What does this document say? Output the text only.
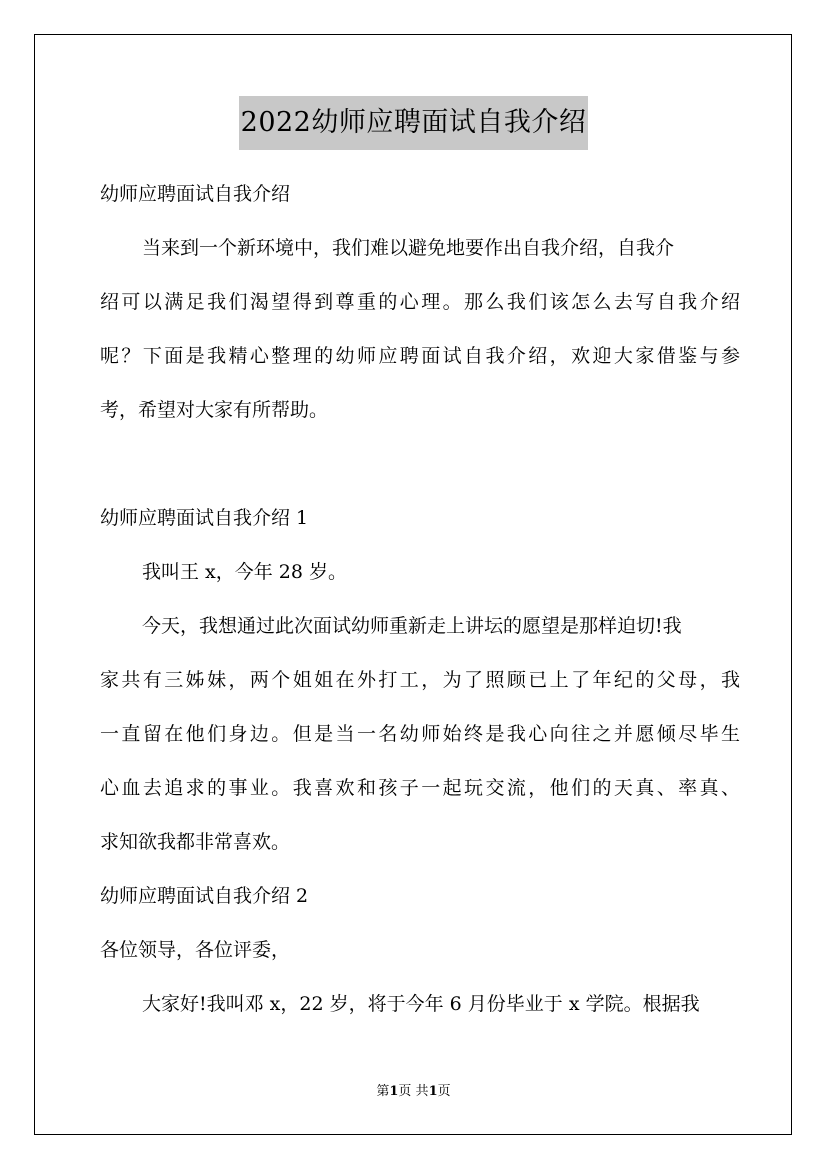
2022幼师应聘面试自我介绍
幼师应聘面试自我介绍
当来到一个新环境中，我们难以避免地要作出自我介绍，自我介
绍可以满足我们渴望得到尊重的心理。那么我们该怎么去写自我介绍
呢？下面是我精心整理的幼师应聘面试自我介绍，欢迎大家借鉴与参
考，希望对大家有所帮助。
幼师应聘面试自我介绍 1
我叫王 x，今年 28 岁。
今天，我想通过此次面试幼师重新走上讲坛的愿望是那样迫切!我
家共有三姊妹，两个姐姐在外打工，为了照顾已上了年纪的父母，我
一直留在他们身边。但是当一名幼师始终是我心向往之并愿倾尽毕生
心血去追求的事业。我喜欢和孩子一起玩交流，他们的天真、率真、
求知欲我都非常喜欢。
幼师应聘面试自我介绍 2
各位领导，各位评委，
大家好!我叫邓 x，22 岁，将于今年 6 月份毕业于 x 学院。根据我
第1页 共1页
